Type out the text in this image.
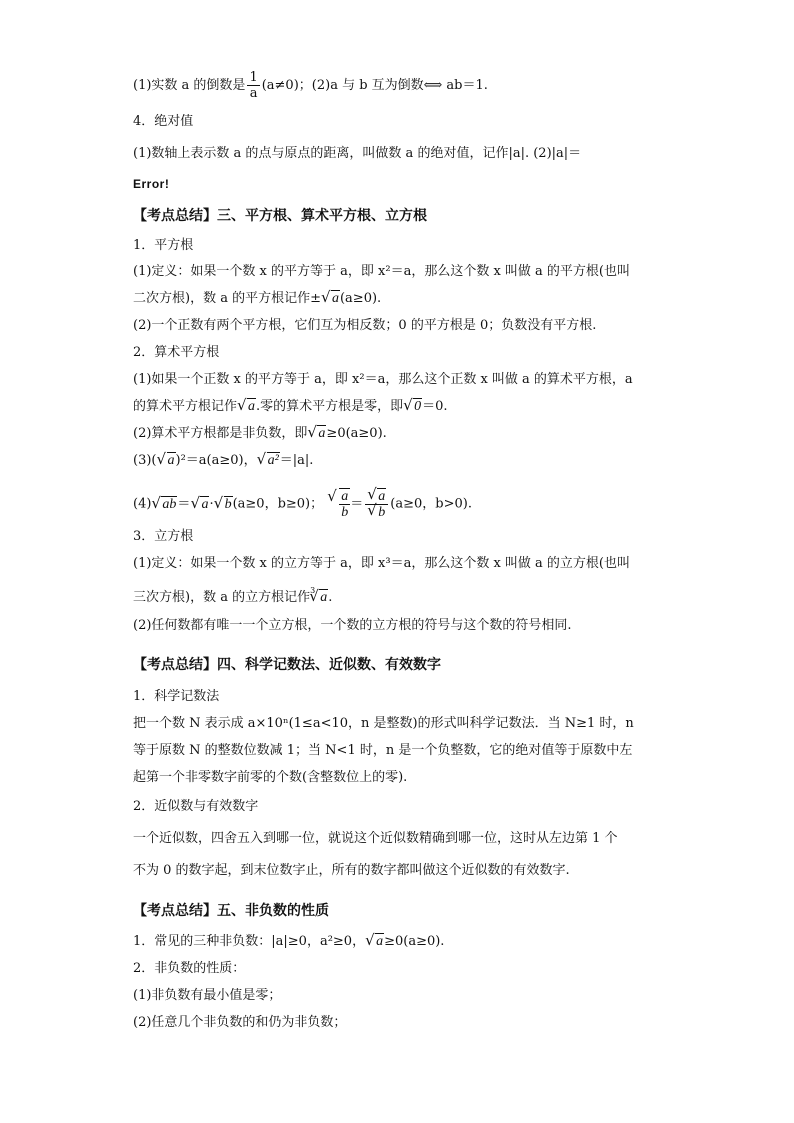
(1)实数 a 的倒数是 $\frac{1}{a} (a\ne 0)$；(2)a 与 b 互为倒数⟺ ab＝1.
4．绝对值
(1)数轴上表示数 a 的点与原点的距离，叫做数 a 的绝对值，记作|a|. (2)|a|＝
Error!
【考点总结】三、平方根、算术平方根、立方根
1．平方根
(1)定义：如果一个数 x 的平方等于 a，即 x²＝a，那么这个数 x 叫做 a 的平方根(也叫
二次方根)，数 a 的平方根记作± √ a(a≥0).
(2)一个正数有两个平方根，它们互为相反数；0 的平方根是 0；负数没有平方根.
2．算术平方根
(1)如果一个正数 x 的平方等于 a，即 x²＝a，那么这个正数 x 叫做 a 的算术平方根，a
的算术平方根记作 √ a.零的算术平方根是零，即 √ 0＝0.
(2)算术平方根都是非负数，即 √ a≥0(a≥0).
(3)( √ a)²＝a(a≥0)， √ a²＝|a|.
(4) √ ab＝ √ a· √ b(a≥0，b≥0)； √ $\frac{a}{b}$ ＝ √ a
√ b (a≥0，b>0).
3．立方根
(1)定义：如果一个数 x 的立方等于 a，即 x³＝a，那么这个数 x 叫做 a 的立方根(也叫
三次方根)，数 a 的立方根记作$^3$ √ a.
(2)任何数都有唯一一个立方根，一个数的立方根的符号与这个数的符号相同.
【考点总结】四、科学记数法、近似数、有效数字
1．科学记数法
把一个数 N 表示成 a×10ⁿ(1≤a<10，n 是整数)的形式叫科学记数法．当 N≥1 时，n
等于原数 N 的整数位数减 1；当 N<1 时，n 是一个负整数，它的绝对值等于原数中左
起第一个非零数字前零的个数(含整数位上的零).
2．近似数与有效数字
一个近似数，四舍五入到哪一位，就说这个近似数精确到哪一位，这时从左边第 1 个
不为 0 的数字起，到末位数字止，所有的数字都叫做这个近似数的有效数字.
【考点总结】五、非负数的性质
1．常见的三种非负数：|a|≥0，a²≥0， √ a≥0(a≥0).
2．非负数的性质：
(1)非负数有最小值是零；
(2)任意几个非负数的和仍为非负数；
